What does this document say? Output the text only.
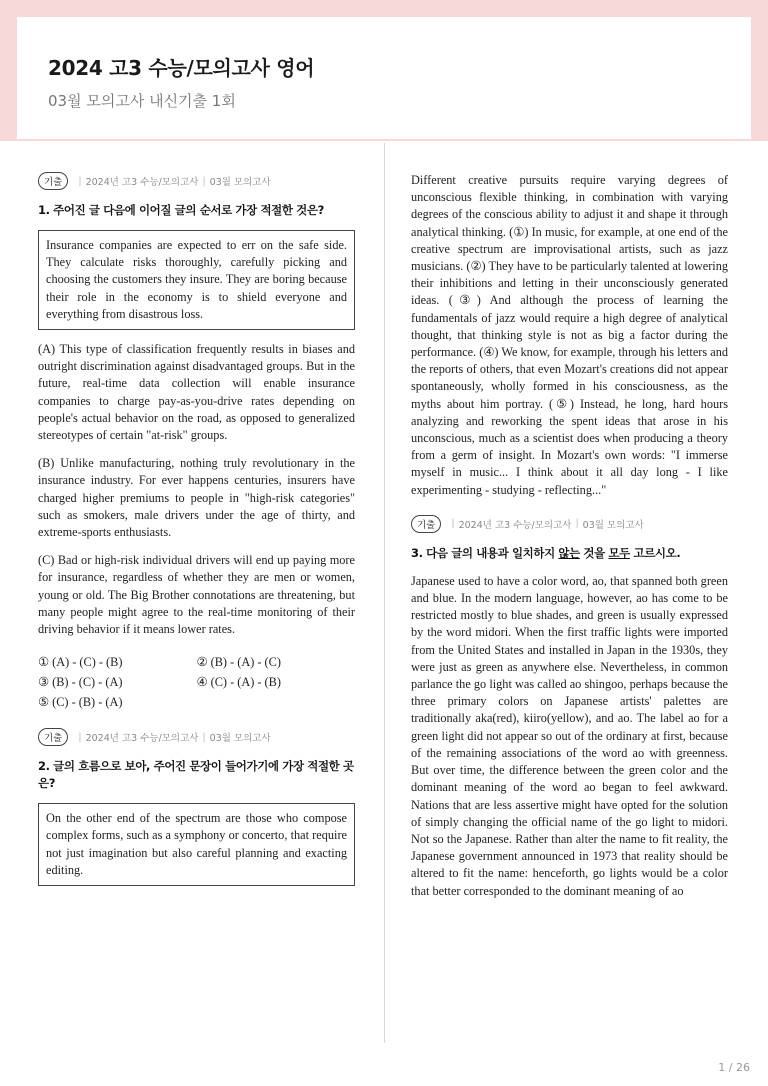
2024 고3 수능/모의고사 영어
03월 모의고사 내신기출 1회
기출	| 2024년 고3 수능/모의고사 | 03월 모의고사
1. 주어진 글 다음에 이어질 글의 순서로 가장 적절한 것은?
Insurance companies are expected to err on the safe side. They calculate risks thoroughly, carefully picking and choosing the customers they insure. They are boring because their role in the economy is to shield everyone and everything from disastrous loss.
(A) This type of classification frequently results in biases and outright discrimination against disadvantaged groups. But in the future, real-time data collection will enable insurance companies to charge pay-as-you-drive rates depending on people's actual behavior on the road, as opposed to generalized stereotypes of certain "at-risk" groups.
(B) Unlike manufacturing, nothing truly revolutionary in the insurance industry. For ever happens centuries, insurers have charged higher premiums to people in "high-risk categories" such as smokers, male drivers under the age of thirty, and extreme-sports enthusiasts.
(C) Bad or high-risk individual drivers will end up paying more for insurance, regardless of whether they are men or women, young or old. The Big Brother connotations are threatening, but many people might agree to the real-time monitoring of their driving behavior if it means lower rates.
① (A) - (C) - (B)	② (B) - (A) - (C)
③ (B) - (C) - (A)	④ (C) - (A) - (B)
⑤ (C) - (B) - (A)
기출	| 2024년 고3 수능/모의고사 | 03월 모의고사
2. 글의 흐름으로 보아, 주어진 문장이 들어가기에 가장 적절한 곳은?
On the other end of the spectrum are those who compose complex forms, such as a symphony or concerto, that require not just imagination but also careful planning and exacting editing.
Different creative pursuits require varying degrees of unconscious flexible thinking, in combination with varying degrees of the conscious ability to adjust it and shape it through analytical thinking. (①) In music, for example, at one end of the creative spectrum are improvisational artists, such as jazz musicians. (②) They have to be particularly talented at lowering their inhibitions and letting in their unconsciously generated ideas. (③) And although the process of learning the fundamentals of jazz would require a high degree of analytical thought, that thinking style is not as big a factor during the performance. (④) We know, for example, through his letters and the reports of others, that even Mozart's creations did not appear spontaneously, wholly formed in his consciousness, as the myths about him portray. (⑤) Instead, he long, hard hours analyzing and reworking the spent ideas that arose in his unconscious, much as a scientist does when producing a theory from a germ of insight. In Mozart's own words: "I immerse myself in music... I think about it all day long - I like experimenting - studying - reflecting..."
기출	| 2024년 고3 수능/모의고사 | 03월 모의고사
3. 다음 글의 내용과 일치하지 않는 것을 모두 고르시오.
Japanese used to have a color word, ao, that spanned both green and blue. In the modern language, however, ao has come to be restricted mostly to blue shades, and green is usually expressed by the word midori. When the first traffic lights were imported from the United States and installed in Japan in the 1930s, they were just as green as anywhere else. Nevertheless, in common parlance the go light was called ao shingoo, perhaps because the three primary colors on Japanese artists' palettes are traditionally aka(red), kiiro(yellow), and ao. The label ao for a green light did not appear so out of the ordinary at first, because of the remaining associations of the word ao with greenness. But over time, the difference between the green color and the dominant meaning of the word ao began to feel awkward. Nations that are less assertive might have opted for the solution of simply changing the official name of the go light to midori. Not so the Japanese. Rather than alter the name to fit reality, the Japanese government announced in 1973 that reality should be altered to fit the name: henceforth, go lights would be a color that better corresponded to the dominant meaning of ao
1 / 26
